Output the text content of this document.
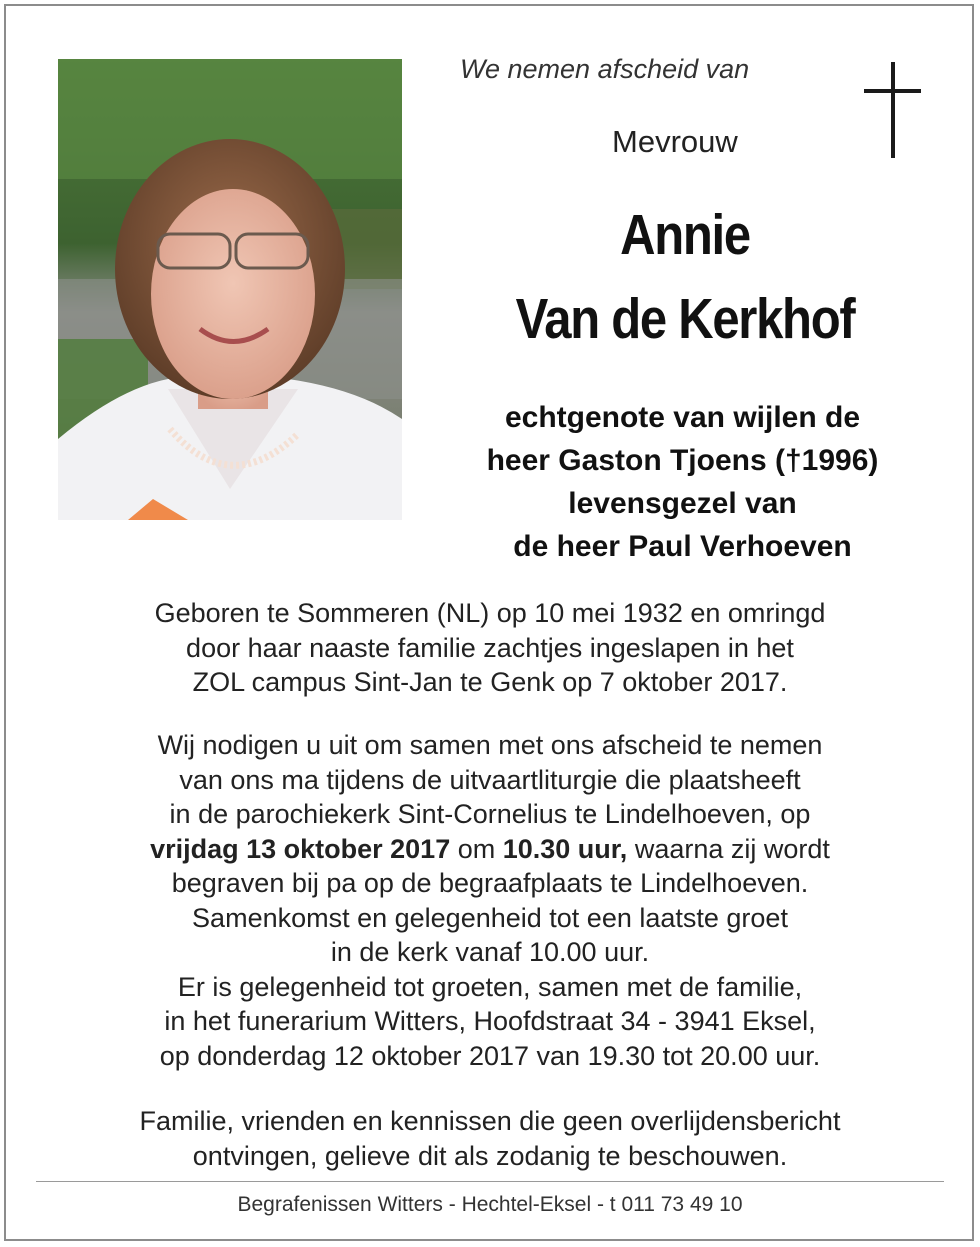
We nemen afscheid van
Mevrouw
Annie
Van de Kerkhof
echtgenote van wijlen de
heer Gaston Tjoens (†1996)
levensgezel van
de heer Paul Verhoeven
Geboren te Sommeren (NL) op 10 mei 1932 en omringd
door haar naaste familie zachtjes ingeslapen in het
ZOL campus Sint-Jan te Genk op 7 oktober 2017.
Wij nodigen u uit om samen met ons afscheid te nemen
van ons ma tijdens de uitvaartliturgie die plaatsheeft
in de parochiekerk Sint-Cornelius te Lindelhoeven, op
vrijdag 13 oktober 2017 om 10.30 uur, waarna zij wordt
begraven bij pa op de begraafplaats te Lindelhoeven.
Samenkomst en gelegenheid tot een laatste groet
in de kerk vanaf 10.00 uur.
Er is gelegenheid tot groeten, samen met de familie,
in het funerarium Witters, Hoofdstraat 34 - 3941 Eksel,
op donderdag 12 oktober 2017 van 19.30 tot 20.00 uur.
Familie, vrienden en kennissen die geen overlijdensbericht
ontvingen, gelieve dit als zodanig te beschouwen.
Begrafenissen Witters - Hechtel-Eksel - t 011 73 49 10
